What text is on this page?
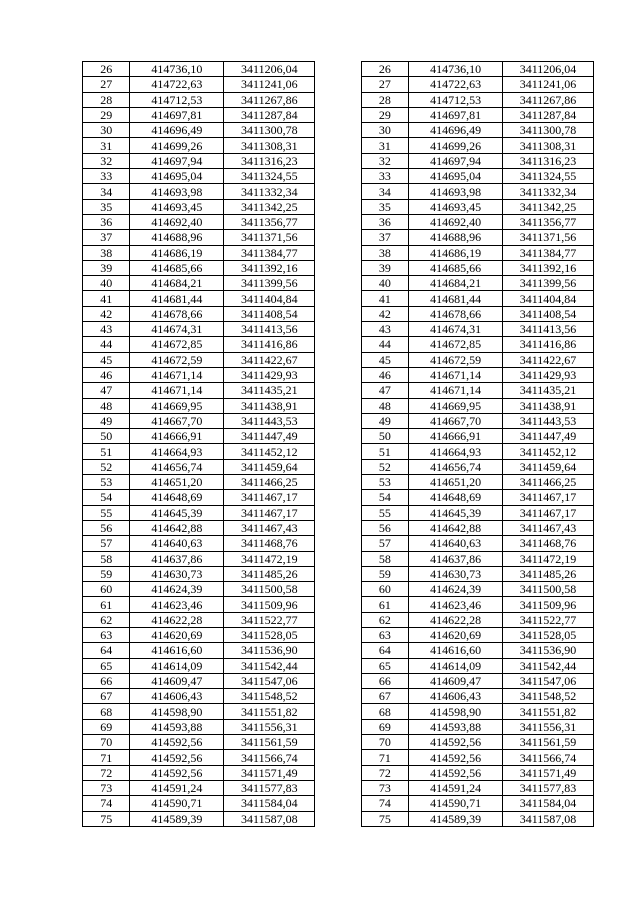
26	414736,10	3411206,04		26	414736,10	3411206,04
27	414722,63	3411241,06		27	414722,63	3411241,06
28	414712,53	3411267,86		28	414712,53	3411267,86
29	414697,81	3411287,84		29	414697,81	3411287,84
30	414696,49	3411300,78		30	414696,49	3411300,78
31	414699,26	3411308,31		31	414699,26	3411308,31
32	414697,94	3411316,23		32	414697,94	3411316,23
33	414695,04	3411324,55		33	414695,04	3411324,55
34	414693,98	3411332,34		34	414693,98	3411332,34
35	414693,45	3411342,25		35	414693,45	3411342,25
36	414692,40	3411356,77		36	414692,40	3411356,77
37	414688,96	3411371,56		37	414688,96	3411371,56
38	414686,19	3411384,77		38	414686,19	3411384,77
39	414685,66	3411392,16		39	414685,66	3411392,16
40	414684,21	3411399,56		40	414684,21	3411399,56
41	414681,44	3411404,84		41	414681,44	3411404,84
42	414678,66	3411408,54		42	414678,66	3411408,54
43	414674,31	3411413,56		43	414674,31	3411413,56
44	414672,85	3411416,86		44	414672,85	3411416,86
45	414672,59	3411422,67		45	414672,59	3411422,67
46	414671,14	3411429,93		46	414671,14	3411429,93
47	414671,14	3411435,21		47	414671,14	3411435,21
48	414669,95	3411438,91		48	414669,95	3411438,91
49	414667,70	3411443,53		49	414667,70	3411443,53
50	414666,91	3411447,49		50	414666,91	3411447,49
51	414664,93	3411452,12		51	414664,93	3411452,12
52	414656,74	3411459,64		52	414656,74	3411459,64
53	414651,20	3411466,25		53	414651,20	3411466,25
54	414648,69	3411467,17		54	414648,69	3411467,17
55	414645,39	3411467,17		55	414645,39	3411467,17
56	414642,88	3411467,43		56	414642,88	3411467,43
57	414640,63	3411468,76		57	414640,63	3411468,76
58	414637,86	3411472,19		58	414637,86	3411472,19
59	414630,73	3411485,26		59	414630,73	3411485,26
60	414624,39	3411500,58		60	414624,39	3411500,58
61	414623,46	3411509,96		61	414623,46	3411509,96
62	414622,28	3411522,77		62	414622,28	3411522,77
63	414620,69	3411528,05		63	414620,69	3411528,05
64	414616,60	3411536,90		64	414616,60	3411536,90
65	414614,09	3411542,44		65	414614,09	3411542,44
66	414609,47	3411547,06		66	414609,47	3411547,06
67	414606,43	3411548,52		67	414606,43	3411548,52
68	414598,90	3411551,82		68	414598,90	3411551,82
69	414593,88	3411556,31		69	414593,88	3411556,31
70	414592,56	3411561,59		70	414592,56	3411561,59
71	414592,56	3411566,74		71	414592,56	3411566,74
72	414592,56	3411571,49		72	414592,56	3411571,49
73	414591,24	3411577,83		73	414591,24	3411577,83
74	414590,71	3411584,04		74	414590,71	3411584,04
75	414589,39	3411587,08		75	414589,39	3411587,08
